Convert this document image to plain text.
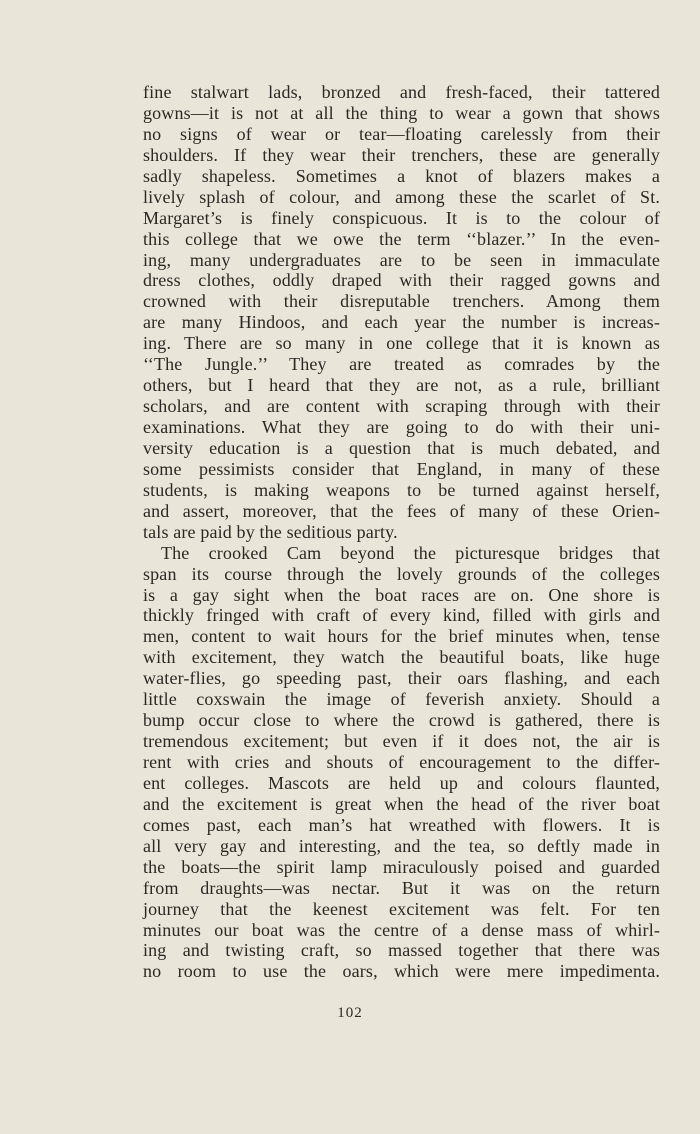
fine stalwart lads, bronzed and fresh-faced, their tattered
gowns—it is not at all the thing to wear a gown that shows
no signs of wear or tear—floating carelessly from their
shoulders. If they wear their trenchers, these are generally
sadly shapeless. Sometimes a knot of blazers makes a
lively splash of colour, and among these the scarlet of St.
Margaret’s is finely conspicuous. It is to the colour of
this college that we owe the term ‘‘blazer.’’ In the even-
ing, many undergraduates are to be seen in immaculate
dress clothes, oddly draped with their ragged gowns and
crowned with their disreputable trenchers. Among them
are many Hindoos, and each year the number is increas-
ing. There are so many in one college that it is known as
‘‘The Jungle.’’ They are treated as comrades by the
others, but I heard that they are not, as a rule, brilliant
scholars, and are content with scraping through with their
examinations. What they are going to do with their uni-
versity education is a question that is much debated, and
some pessimists consider that England, in many of these
students, is making weapons to be turned against herself,
and assert, moreover, that the fees of many of these Orien-
tals are paid by the seditious party.
The crooked Cam beyond the picturesque bridges that
span its course through the lovely grounds of the colleges
is a gay sight when the boat races are on. One shore is
thickly fringed with craft of every kind, filled with girls and
men, content to wait hours for the brief minutes when, tense
with excitement, they watch the beautiful boats, like huge
water-flies, go speeding past, their oars flashing, and each
little coxswain the image of feverish anxiety. Should a
bump occur close to where the crowd is gathered, there is
tremendous excitement; but even if it does not, the air is
rent with cries and shouts of encouragement to the differ-
ent colleges. Mascots are held up and colours flaunted,
and the excitement is great when the head of the river boat
comes past, each man’s hat wreathed with flowers. It is
all very gay and interesting, and the tea, so deftly made in
the boats—the spirit lamp miraculously poised and guarded
from draughts—was nectar. But it was on the return
journey that the keenest excitement was felt. For ten
minutes our boat was the centre of a dense mass of whirl-
ing and twisting craft, so massed together that there was
no room to use the oars, which were mere impedimenta.
102
